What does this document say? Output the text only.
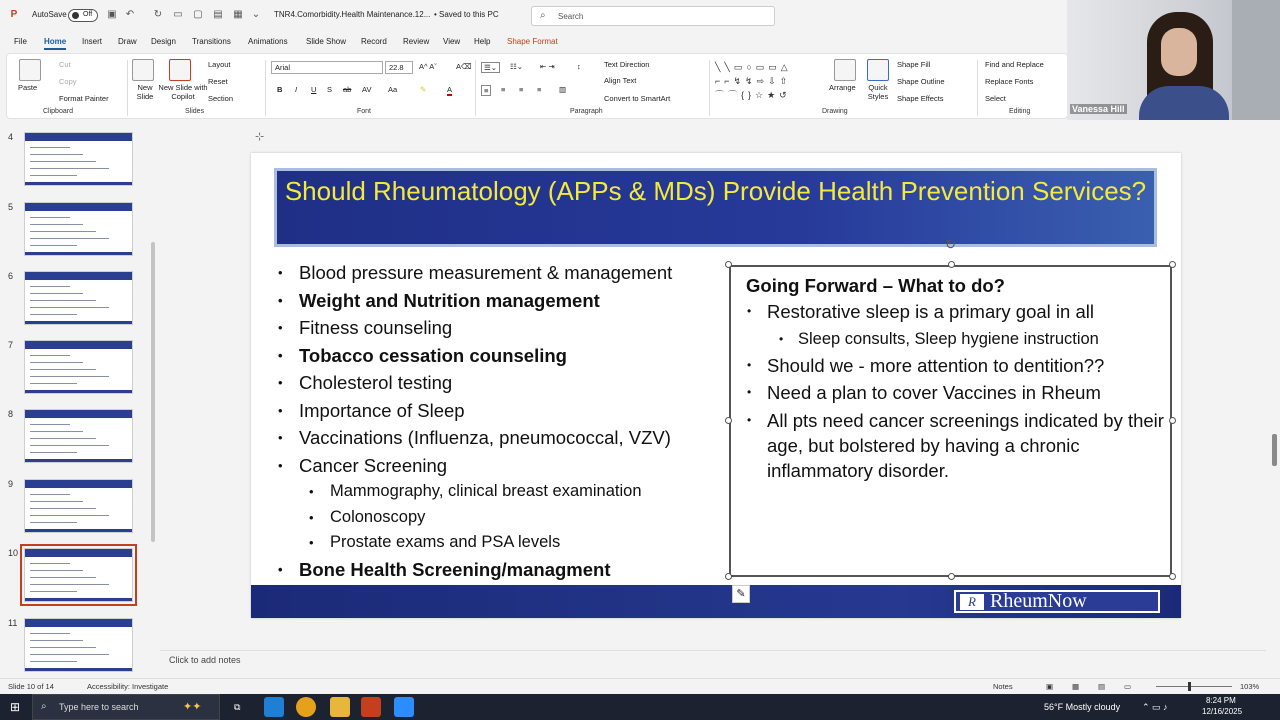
P	AutoSave Off ▣ ↶ ↻ ▭ ▢ ▤ ▦ ⌄ TNR4.Comorbidity.Health Maintenance.12... • Saved to this PC	⌕ Search
File Home Insert Draw Design Transitions Animations Slide Show Record Review View Help Shape Format
Paste
Cut
Copy
Format Painter
Clipboard
New Slide
New Slide with Copilot
Layout
Reset
Section
Slides
Arial	22.8	A^ Aˇ	A⌫
B I U S ab AV Aa	✎	A
Font
☰⌄	☷⌄ ⇤ ⇥	↕
≡	≡ ≡ ≡ ▥
Text Direction
Align Text
Convert to SmartArt
Paragraph
╲╲▭○▭▭△ ⌐⌐↯↯⇨⇩⇧ ⌒⌒{}☆★↺
Arrange	Quick Styles
Shape Fill
Shape Outline
Shape Effects
Drawing
Find and Replace
Replace Fonts
Select
Editing	Vanessa Hill
4
5
6
7
8
9
10
11
Should Rheumatology (APPs & MDs) Provide Health Prevention Services?
• Blood pressure measurement & management
• Weight and Nutrition management
• Fitness counseling
• Tobacco cessation counseling
• Cholesterol testing
• Importance of Sleep
• Vaccinations (Influenza, pneumococcal, VZV)
• Cancer Screening
• Mammography, clinical breast examination
• Colonoscopy
• Prostate exams and PSA levels
• Bone Health Screening/managment
Going Forward – What to do?
• Restorative sleep is a primary goal in all
• Sleep consults, Sleep hygiene instruction
• Should we - more attention to dentition??
• Need a plan to cover Vaccines in Rheum
• All pts need cancer screenings indicated by their age, but bolstered by having a chronic inflammatory disorder.
↻
R RheumNow
✎
⊹
Click to add notes
Slide 10 of 14	Accessibility: Investigate	Notes	▣	▦	▤	▭	103%
⊞ ⌕ Type here to search	✦✦	⧉	56°F Mostly cloudy ⌃ ▭ ♪
8:24 PM
12/16/2025
